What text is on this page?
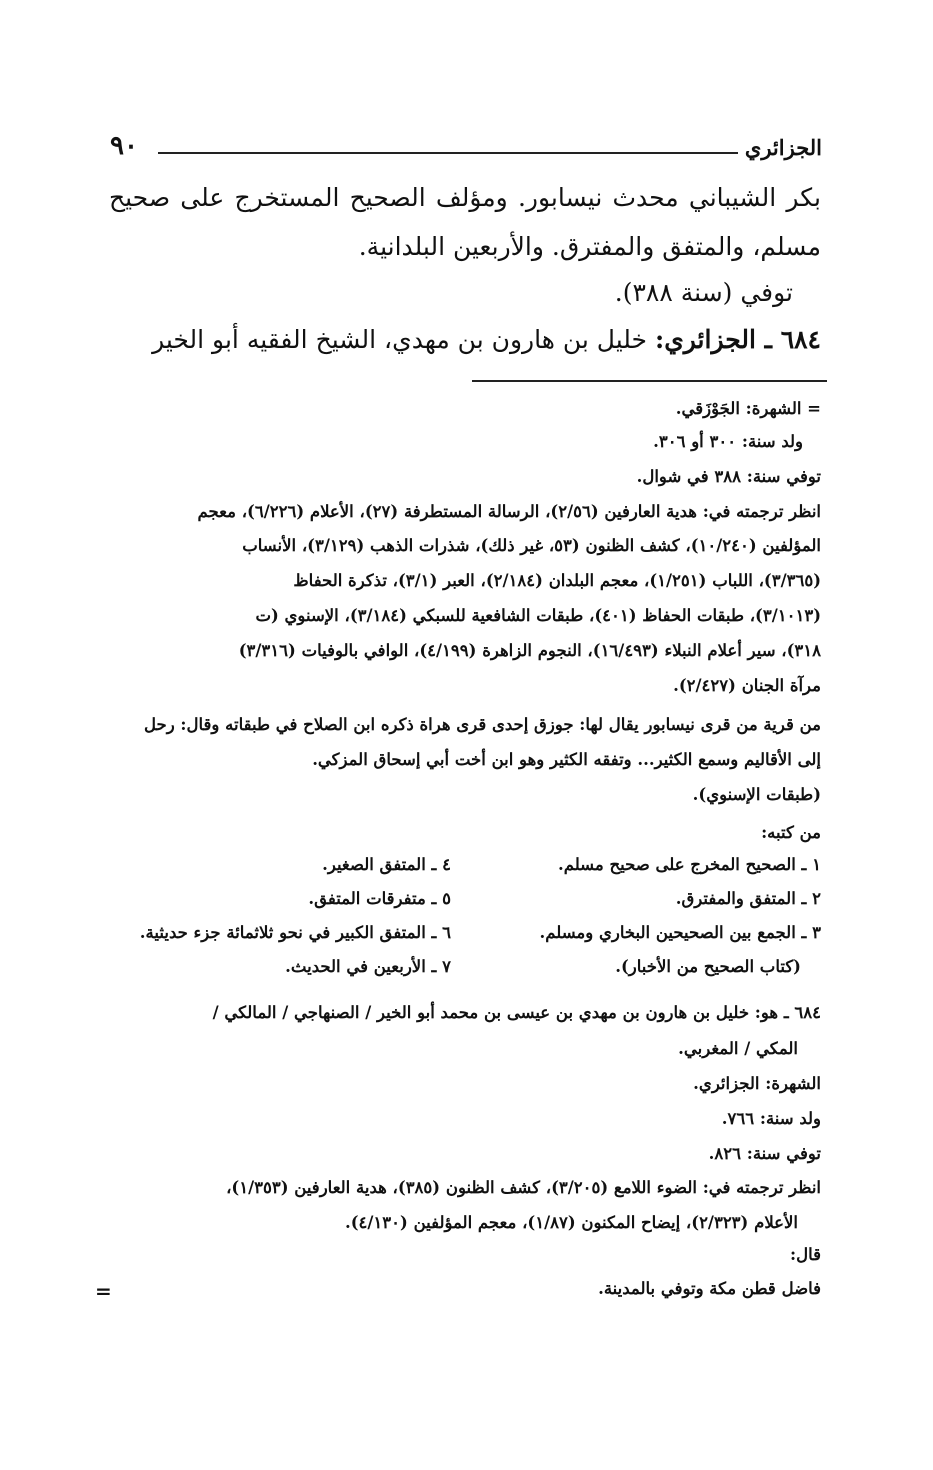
٩٠	الجزائري
بكر الشيباني محدث نيسابور. ومؤلف الصحيح المستخرج على صحيح
مسلم، والمتفق والمفترق. والأربعين البلدانية.
توفي (سنة ٣٨٨).
٦٨٤ ـ الجزائري: خليل بن هارون بن مهدي، الشيخ الفقيه أبو الخير
= الشهرة: الجَوْزَقي.
ولد سنة: ٣٠٠ أو ٣٠٦.
توفي سنة: ٣٨٨ في شوال.
انظر ترجمته في: هدية العارفين (٢/٥٦)، الرسالة المستطرفة (٢٧)، الأعلام (٦/٢٢٦)، معجم
المؤلفين (١٠/٢٤٠)، كشف الظنون (٥٣، غير ذلك)، شذرات الذهب (٣/١٢٩)، الأنساب
(٣/٣٦٥)، اللباب (١/٢٥١)، معجم البلدان (٢/١٨٤)، العبر (٣/١)، تذكرة الحفاظ
(٣/١٠١٣)، طبقات الحفاظ (٤٠١)، طبقات الشافعية للسبكي (٣/١٨٤)، الإسنوي (ت
٣١٨)، سير أعلام النبلاء (١٦/٤٩٣)، النجوم الزاهرة (٤/١٩٩)، الوافي بالوفيات (٣/٣١٦)
مرآة الجنان (٢/٤٢٧).
من قرية من قرى نيسابور يقال لها: جوزق إحدى قرى هراة ذكره ابن الصلاح في طبقاته وقال: رحل
إلى الأقاليم وسمع الكثير... وتفقه الكثير وهو ابن أخت أبي إسحاق المزكي.
(طبقات الإسنوي).
من كتبه:
١ ـ الصحيح المخرج على صحيح مسلم.
٢ ـ المتفق والمفترق.
٣ ـ الجمع بين الصحيحين البخاري ومسلم.
(كتاب الصحيح من الأخبار).
٤ ـ المتفق الصغير.
٥ ـ متفرقات المتفق.
٦ ـ المتفق الكبير في نحو ثلاثمائة جزء حديثية.
٧ ـ الأربعين في الحديث.
٦٨٤ ـ هو: خليل بن هارون بن مهدي بن عيسى بن محمد أبو الخير / الصنهاجي / المالكي /
المكي / المغربي.
الشهرة: الجزائري.
ولد سنة: ٧٦٦.
توفي سنة: ٨٢٦.
انظر ترجمته في: الضوء اللامع (٣/٢٠٥)، كشف الظنون (٣٨٥)، هدية العارفين (١/٣٥٣)،
الأعلام (٢/٣٢٣)، إيضاح المكنون (١/٨٧)، معجم المؤلفين (٤/١٣٠).
قال:
فاضل قطن مكة وتوفي بالمدينة.
=
